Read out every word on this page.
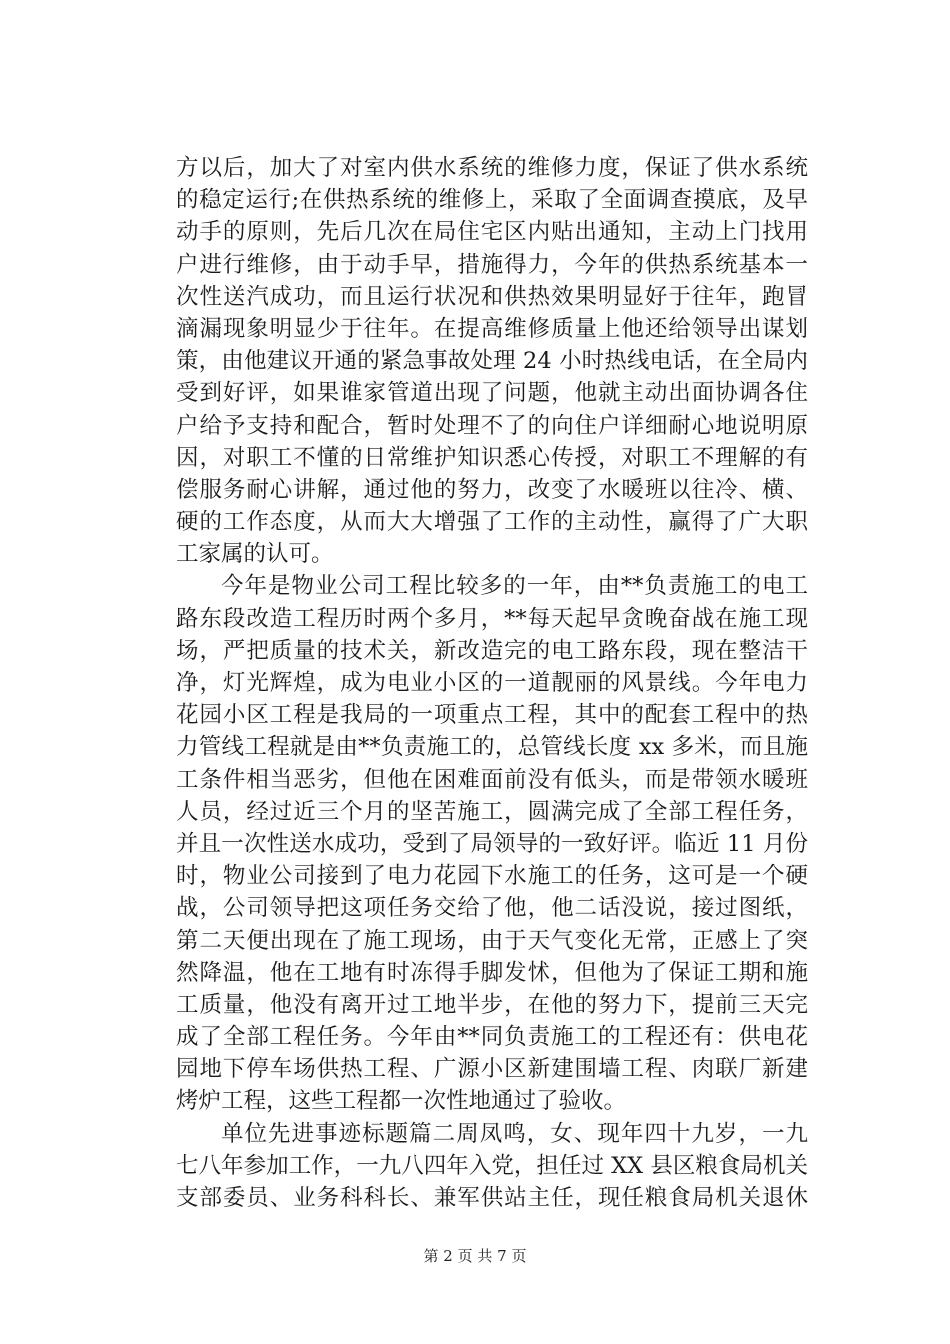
方以后，加大了对室内供水系统的维修力度，保证了供水系统
的稳定运行;在供热系统的维修上，采取了全面调查摸底，及早
动手的原则，先后几次在局住宅区内贴出通知，主动上门找用
户进行维修，由于动手早，措施得力，今年的供热系统基本一
次性送汽成功，而且运行状况和供热效果明显好于往年，跑冒
滴漏现象明显少于往年。在提高维修质量上他还给领导出谋划
策，由他建议开通的紧急事故处理 24 小时热线电话，在全局内
受到好评，如果谁家管道出现了问题，他就主动出面协调各住
户给予支持和配合，暂时处理不了的向住户详细耐心地说明原
因，对职工不懂的日常维护知识悉心传授，对职工不理解的有
偿服务耐心讲解，通过他的努力，改变了水暖班以往冷、横、
硬的工作态度，从而大大增强了工作的主动性，赢得了广大职
工家属的认可。
今年是物业公司工程比较多的一年，由**负责施工的电工
路东段改造工程历时两个多月，**每天起早贪晚奋战在施工现
场，严把质量的技术关，新改造完的电工路东段，现在整洁干
净，灯光辉煌，成为电业小区的一道靓丽的风景线。今年电力
花园小区工程是我局的一项重点工程，其中的配套工程中的热
力管线工程就是由**负责施工的，总管线长度 xx 多米，而且施
工条件相当恶劣，但他在困难面前没有低头，而是带领水暖班
人员，经过近三个月的坚苦施工，圆满完成了全部工程任务，
并且一次性送水成功，受到了局领导的一致好评。临近 11 月份
时，物业公司接到了电力花园下水施工的任务，这可是一个硬
战，公司领导把这项任务交给了他，他二话没说，接过图纸，
第二天便出现在了施工现场，由于天气变化无常，正感上了突
然降温，他在工地有时冻得手脚发怵，但他为了保证工期和施
工质量，他没有离开过工地半步，在他的努力下，提前三天完
成了全部工程任务。今年由**同负责施工的工程还有：供电花
园地下停车场供热工程、广源小区新建围墙工程、肉联厂新建
烤炉工程，这些工程都一次性地通过了验收。
单位先进事迹标题篇二周凤鸣，女、现年四十九岁，一九
七八年参加工作，一九八四年入党，担任过 XX 县区粮食局机关
支部委员、业务科科长、兼军供站主任，现任粮食局机关退休
第 2 页 共 7 页
